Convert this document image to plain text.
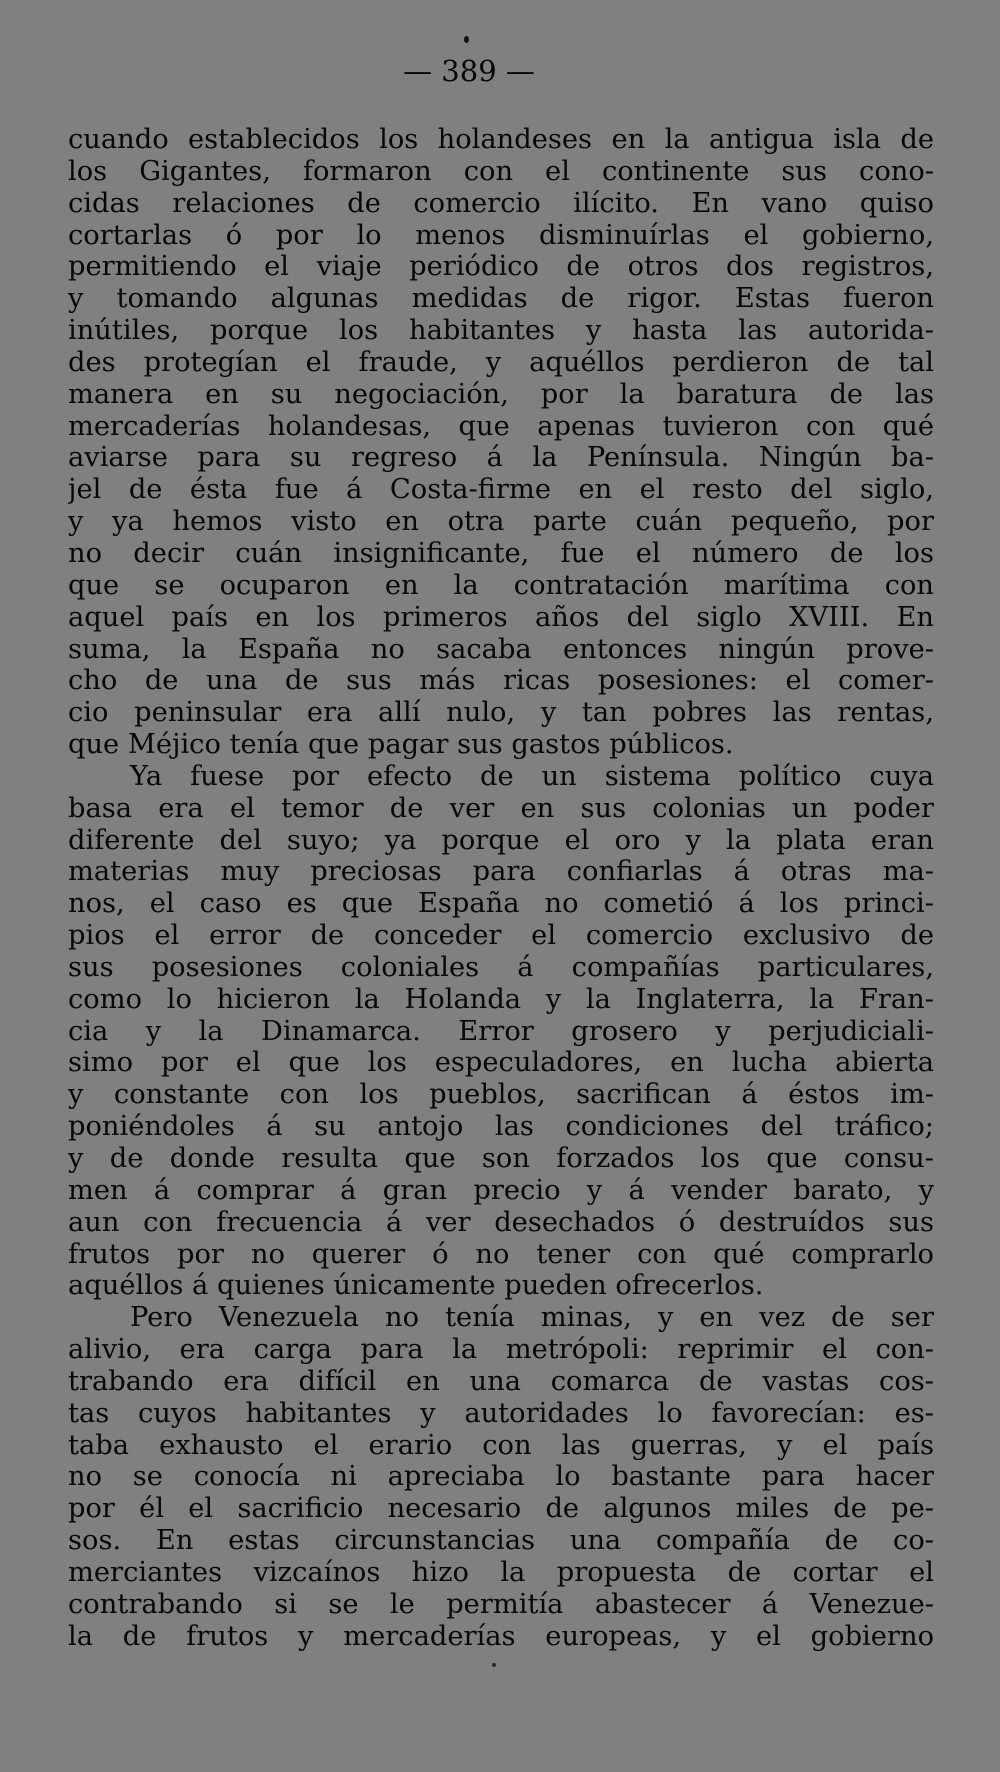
— 389 —
cuando establecidos los holandeses en la antigua isla de
los Gigantes, formaron con el continente sus cono-
cidas relaciones de comercio ilícito. En vano quiso
cortarlas ó por lo menos disminuírlas el gobierno,
permitiendo el viaje periódico de otros dos registros,
y tomando algunas medidas de rigor. Estas fueron
inútiles, porque los habitantes y hasta las autorida-
des protegían el fraude, y aquéllos perdieron de tal
manera en su negociación, por la baratura de las
mercaderías holandesas, que apenas tuvieron con qué
aviarse para su regreso á la Península. Ningún ba-
jel de ésta fue á Costa-firme en el resto del siglo,
y ya hemos visto en otra parte cuán pequeño, por
no decir cuán insignificante, fue el número de los
que se ocuparon en la contratación marítima con
aquel país en los primeros años del siglo XVIII. En
suma, la España no sacaba entonces ningún prove-
cho de una de sus más ricas posesiones: el comer-
cio peninsular era allí nulo, y tan pobres las rentas,
que Méjico tenía que pagar sus gastos públicos.
Ya fuese por efecto de un sistema político cuya
basa era el temor de ver en sus colonias un poder
diferente del suyo; ya porque el oro y la plata eran
materias muy preciosas para confiarlas á otras ma-
nos, el caso es que España no cometió á los princi-
pios el error de conceder el comercio exclusivo de
sus posesiones coloniales á compañías particulares,
como lo hicieron la Holanda y la Inglaterra, la Fran-
cia y la Dinamarca. Error grosero y perjudiciali-
simo por el que los especuladores, en lucha abierta
y constante con los pueblos, sacrifican á éstos im-
poniéndoles á su antojo las condiciones del tráfico;
y de donde resulta que son forzados los que consu-
men á comprar á gran precio y á vender barato, y
aun con frecuencia á ver desechados ó destruídos sus
frutos por no querer ó no tener con qué comprarlo
aquéllos á quienes únicamente pueden ofrecerlos.
Pero Venezuela no tenía minas, y en vez de ser
alivio, era carga para la metrópoli: reprimir el con-
trabando era difícil en una comarca de vastas cos-
tas cuyos habitantes y autoridades lo favorecían: es-
taba exhausto el erario con las guerras, y el país
no se conocía ni apreciaba lo bastante para hacer
por él el sacrificio necesario de algunos miles de pe-
sos. En estas circunstancias una compañía de co-
merciantes vizcaínos hizo la propuesta de cortar el
contrabando si se le permitía abastecer á Venezue-
la de frutos y mercaderías europeas, y el gobierno
